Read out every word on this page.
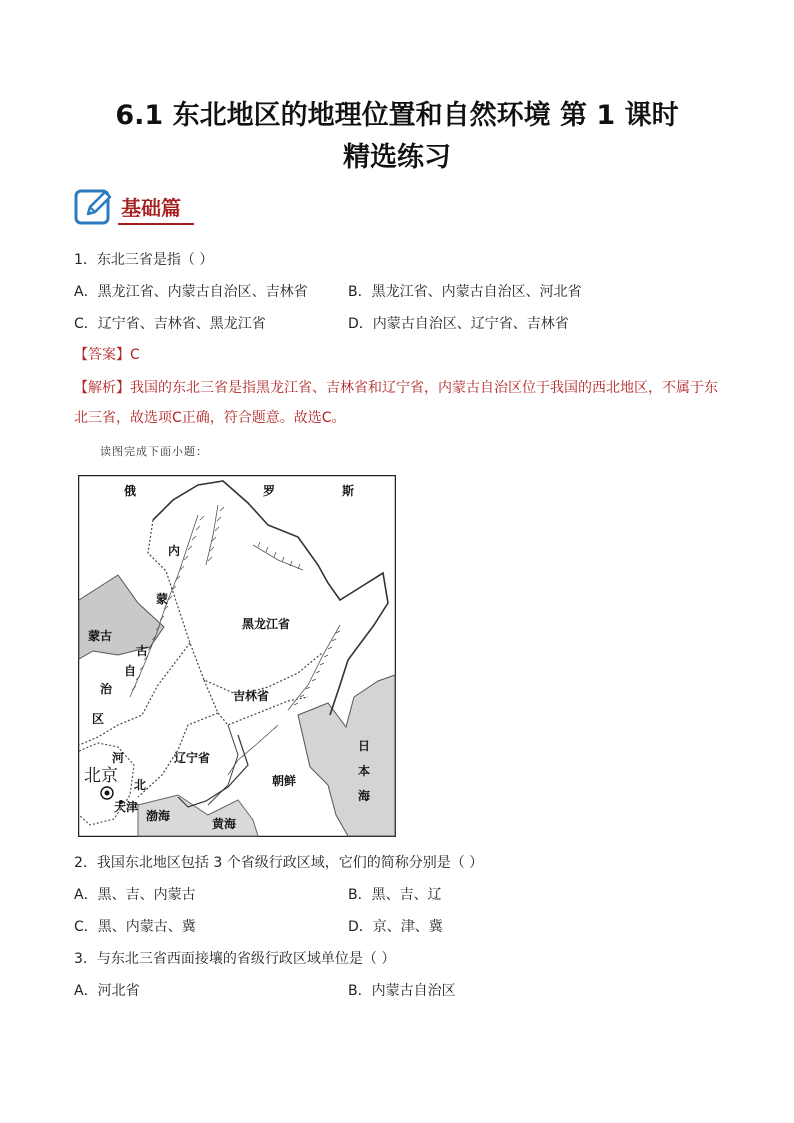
6.1 东北地区的地理位置和自然环境 第 1 课时
精选练习
基础篇
1．东北三省是指（ ）
A．黑龙江省、内蒙古自治区、吉林省	B．黑龙江省、内蒙古自治区、河北省
C．辽宁省、吉林省、黑龙江省	D．内蒙古自治区、辽宁省、吉林省
【答案】C
【解析】我国的东北三省是指黑龙江省、吉林省和辽宁省，内蒙古自治区位于我国的西北地区，不属于东
北三省，故选项C正确，符合题意。故选C。
读图完成下面小题：
俄	罗	斯
内
蒙
古
自
治
区
蒙古
黑龙江省
吉林省
辽宁省
河
北
北京
天津
渤海
黄海
朝鲜
日
本
海
2．我国东北地区包括 3 个省级行政区域，它们的简称分别是（ ）
A．黑、吉、内蒙古	B．黑、吉、辽
C．黑、内蒙古、冀	D．京、津、冀
3．与东北三省西面接壤的省级行政区域单位是（ ）
A．河北省	B．内蒙古自治区
